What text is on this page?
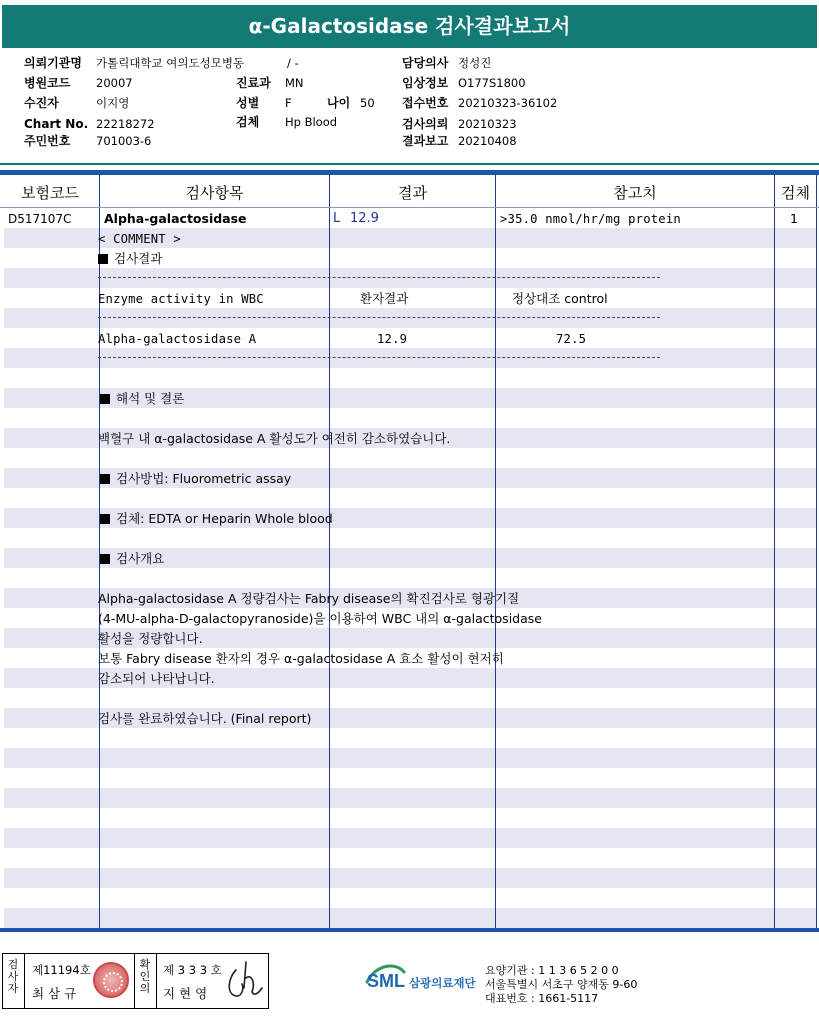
α-Galactosidase 검사결과보고서
의뢰기관명 가톨릭대학교 여의도성모병동
병원코드 20007
수진자	이지영
Chart No. 22218272
주민번호 701003-6
/ -
진료과 MN
성별 F	나이 50
검체 Hp Blood
담당의사 정성진
임상정보 O177S1800
접수번호 20210323-36102
검사의뢰 20210323
결과보고 20210408
보험코드	검사항목	결과	참고치	검체
D517107C	Alpha-galactosidase	L 12.9	>35.0 nmol/hr/mg protein	1
< COMMENT >
검사결과
Enzyme activity in WBC	환자결과	정상대조 control
Alpha-galactosidase A	12.9	72.5
해석 및 결론
백혈구 내 α-galactosidase A 활성도가 여전히 감소하였습니다.
검사방법: Fluorometric assay
검체: EDTA or Heparin Whole blood
검사개요
Alpha-galactosidase A 정량검사는 Fabry disease의 확진검사로 형광기질
(4-MU-alpha-D-galactopyranoside)을 이용하여 WBC 내의 α-galactosidase
활성을 정량합니다.
보통 Fabry disease 환자의 경우 α-galactosidase A 효소 활성이 현저히
감소되어 나타납니다.
검사를 완료하였습니다. (Final report)
검사자
제11194호
최 삼 규
확인의
제 3 3 3 호
지 현 영
SML 삼광의료재단
요양기관 : 1 1 3 6 5 2 0 0
서울특별시 서초구 양재동 9-60
대표번호 : 1661-5117
